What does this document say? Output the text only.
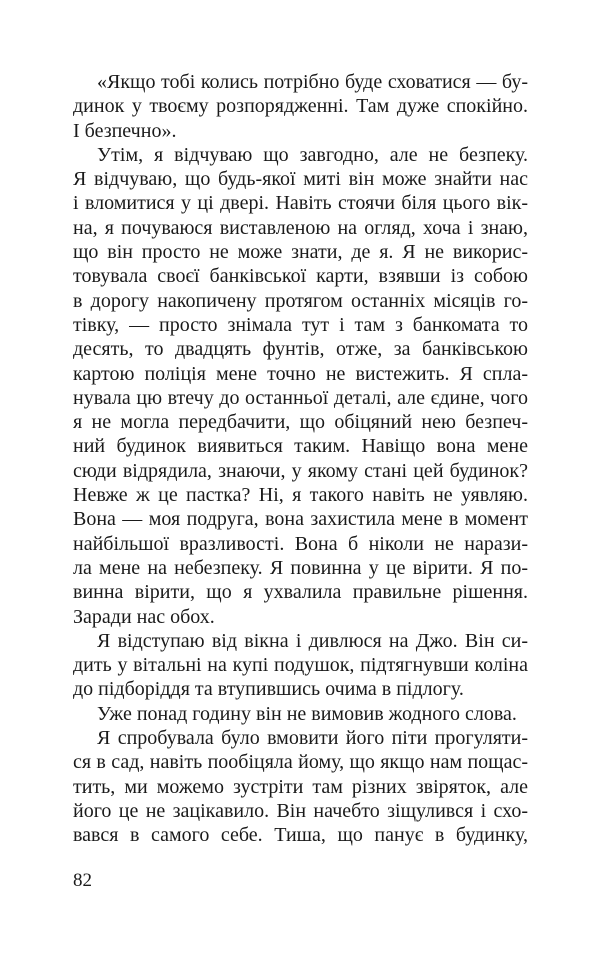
«Якщо тобі колись потрібно буде сховатися — бу-
динок у твоєму розпорядженні. Там дуже спокійно.
І безпечно».
Утім, я відчуваю що завгодно, але не безпеку.
Я відчуваю, що будь-якої миті він може знайти нас
і вломитися у ці двері. Навіть стоячи біля цього вік-
на, я почуваюся виставленою на огляд, хоча і знаю,
що він просто не може знати, де я. Я не викорис-
товувала своєї банківської карти, взявши із собою
в дорогу накопичену протягом останніх місяців го-
тівку, — просто знімала тут і там з банкомата то
десять, то двадцять фунтів, отже, за банківською
картою поліція мене точно не вистежить. Я спла-
нувала цю втечу до останньої деталі, але єдине, чого
я не могла передбачити, що обіцяний нею безпеч-
ний будинок виявиться таким. Навіщо вона мене
сюди відрядила, знаючи, у якому стані цей будинок?
Невже ж це пастка? Ні, я такого навіть не уявляю.
Вона — моя подруга, вона захистила мене в момент
найбільшої вразливості. Вона б ніколи не нарази-
ла мене на небезпеку. Я повинна у це вірити. Я по-
винна вірити, що я ухвалила правильне рішення.
Заради нас обох.
Я відступаю від вікна і дивлюся на Джо. Він си-
дить у вітальні на купі подушок, підтягнувши коліна
до підборіддя та втупившись очима в підлогу.
Уже понад годину він не вимовив жодного слова.
Я спробувала було вмовити його піти прогуляти-
ся в сад, навіть пообіцяла йому, що якщо нам пощас-
тить, ми можемо зустріти там різних звіряток, але
його це не зацікавило. Він начебто зіщулився і схо-
вався в самого себе. Тиша, що панує в будинку,
82
